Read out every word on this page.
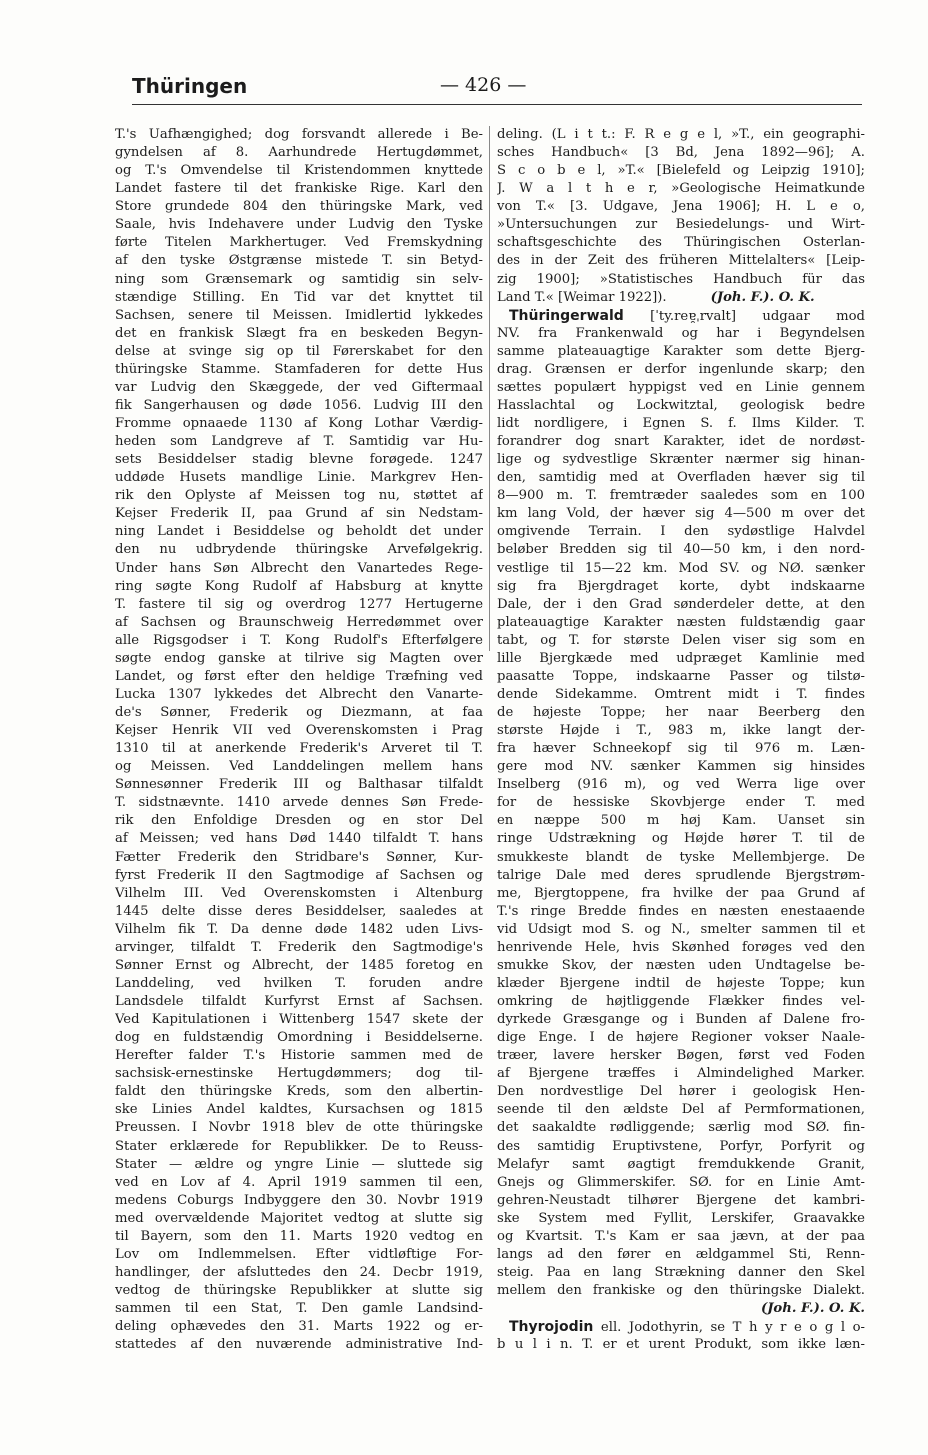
Thüringen	— 426 —
T.'s Uafhængighed; dog forsvandt allerede i Be-
gyndelsen af 8. Aarhundrede Hertugdømmet,
og T.'s Omvendelse til Kristendommen knyttede
Landet fastere til det frankiske Rige. Karl den
Store grundede 804 den thüringske Mark, ved
Saale, hvis Indehavere under Ludvig den Tyske
førte Titelen Markhertuger. Ved Fremskydning
af den tyske Østgrænse mistede T. sin Betyd-
ning som Grænsemark og samtidig sin selv-
stændige Stilling. En Tid var det knyttet til
Sachsen, senere til Meissen. Imidlertid lykkedes
det en frankisk Slægt fra en beskeden Begyn-
delse at svinge sig op til Førerskabet for den
thüringske Stamme. Stamfaderen for dette Hus
var Ludvig den Skæggede, der ved Giftermaal
fik Sangerhausen og døde 1056. Ludvig III den
Fromme opnaaede 1130 af Kong Lothar Værdig-
heden som Landgreve af T. Samtidig var Hu-
sets Besiddelser stadig blevne forøgede. 1247
uddøde Husets mandlige Linie. Markgrev Hen-
rik den Oplyste af Meissen tog nu, støttet af
Kejser Frederik II, paa Grund af sin Nedstam-
ning Landet i Besiddelse og beholdt det under
den nu udbrydende thüringske Arvefølgekrig.
Under hans Søn Albrecht den Vanartedes Rege-
ring søgte Kong Rudolf af Habsburg at knytte
T. fastere til sig og overdrog 1277 Hertugerne
af Sachsen og Braunschweig Herredømmet over
alle Rigsgodser i T. Kong Rudolf's Efterfølgere
søgte endog ganske at tilrive sig Magten over
Landet, og først efter den heldige Træfning ved
Lucka 1307 lykkedes det Albrecht den Vanarte-
de's Sønner, Frederik og Diezmann, at faa
Kejser Henrik VII ved Overenskomsten i Prag
1310 til at anerkende Frederik's Arveret til T.
og Meissen. Ved Landdelingen mellem hans
Sønnesønner Frederik III og Balthasar tilfaldt
T. sidstnævnte. 1410 arvede dennes Søn Frede-
rik den Enfoldige Dresden og en stor Del
af Meissen; ved hans Død 1440 tilfaldt T. hans
Fætter Frederik den Stridbare's Sønner, Kur-
fyrst Frederik II den Sagtmodige af Sachsen og
Vilhelm III. Ved Overenskomsten i Altenburg
1445 delte disse deres Besiddelser, saaledes at
Vilhelm fik T. Da denne døde 1482 uden Livs-
arvinger, tilfaldt T. Frederik den Sagtmodige's
Sønner Ernst og Albrecht, der 1485 foretog en
Landdeling, ved hvilken T. foruden andre
Landsdele tilfaldt Kurfyrst Ernst af Sachsen.
Ved Kapitulationen i Wittenberg 1547 skete der
dog en fuldstændig Omordning i Besiddelserne.
Herefter falder T.'s Historie sammen med de
sachsisk-ernestinske Hertugdømmers; dog til-
faldt den thüringske Kreds, som den albertin-
ske Linies Andel kaldtes, Kursachsen og 1815
Preussen. I Novbr 1918 blev de otte thüringske
Stater erklærede for Republikker. De to Reuss-
Stater — ældre og yngre Linie — sluttede sig
ved en Lov af 4. April 1919 sammen til een,
medens Coburgs Indbyggere den 30. Novbr 1919
med overvældende Majoritet vedtog at slutte sig
til Bayern, som den 11. Marts 1920 vedtog en
Lov om Indlemmelsen. Efter vidtløftige For-
handlinger, der afsluttedes den 24. Decbr 1919,
vedtog de thüringske Republikker at slutte sig
sammen til een Stat, T. Den gamle Landsind-
deling ophævedes den 31. Marts 1922 og er-
stattedes af den nuværende administrative Ind-
deling. (L i t t.: F. R e g e l, »T., ein geographi-
sches Handbuch« [3 Bd, Jena 1892—96]; A.
S c o b e l, »T.« [Bielefeld og Leipzig 1910];
J. W a l t h e r, »Geologische Heimatkunde
von T.« [3. Udgave, Jena 1906]; H. L e o,
»Untersuchungen zur Besiedelungs- und Wirt-
schaftsgeschichte des Thüringischen Osterlan-
des in der Zeit des früheren Mittelalters« [Leip-
zig 1900]; »Statistisches Handbuch für das
Land T.« [Weimar 1922]).	(Joh. F.). O. K.
Thüringerwald [ˈty.reɐ̯ˌrvalt] udgaar mod
NV. fra Frankenwald og har i Begyndelsen
samme plateauagtige Karakter som dette Bjerg-
drag. Grænsen er derfor ingenlunde skarp; den
sættes populært hyppigst ved en Linie gennem
Hasslachtal og Lockwitztal, geologisk bedre
lidt nordligere, i Egnen S. f. Ilms Kilder. T.
forandrer dog snart Karakter, idet de nordøst-
lige og sydvestlige Skrænter nærmer sig hinan-
den, samtidig med at Overfladen hæver sig til
8—900 m. T. fremtræder saaledes som en 100
km lang Vold, der hæver sig 4—500 m over det
omgivende Terrain. I den sydøstlige Halvdel
beløber Bredden sig til 40—50 km, i den nord-
vestlige til 15—22 km. Mod SV. og NØ. sænker
sig fra Bjergdraget korte, dybt indskaarne
Dale, der i den Grad sønderdeler dette, at den
plateauagtige Karakter næsten fuldstændig gaar
tabt, og T. for største Delen viser sig som en
lille Bjergkæde med udpræget Kamlinie med
paasatte Toppe, indskaarne Passer og tilstø-
dende Sidekamme. Omtrent midt i T. findes
de højeste Toppe; her naar Beerberg den
største Højde i T., 983 m, ikke langt der-
fra hæver Schneekopf sig til 976 m. Læn-
gere mod NV. sænker Kammen sig hinsides
Inselberg (916 m), og ved Werra lige over
for de hessiske Skovbjerge ender T. med
en næppe 500 m høj Kam. Uanset sin
ringe Udstrækning og Højde hører T. til de
smukkeste blandt de tyske Mellembjerge. De
talrige Dale med deres sprudlende Bjergstrøm-
me, Bjergtoppene, fra hvilke der paa Grund af
T.'s ringe Bredde findes en næsten enestaaende
vid Udsigt mod S. og N., smelter sammen til et
henrivende Hele, hvis Skønhed forøges ved den
smukke Skov, der næsten uden Undtagelse be-
klæder Bjergene indtil de højeste Toppe; kun
omkring de højtliggende Flækker findes vel-
dyrkede Græsgange og i Bunden af Dalene fro-
dige Enge. I de højere Regioner vokser Naale-
træer, lavere hersker Bøgen, først ved Foden
af Bjergene træffes i Almindelighed Marker.
Den nordvestlige Del hører i geologisk Hen-
seende til den ældste Del af Permformationen,
det saakaldte rødliggende; særlig mod SØ. fin-
des samtidig Eruptivstene, Porfyr, Porfyrit og
Melafyr samt øagtigt fremdukkende Granit,
Gnejs og Glimmerskifer. SØ. for en Linie Amt-
gehren-Neustadt tilhører Bjergene det kambri-
ske System med Fyllit, Lerskifer, Graavakke
og Kvartsit. T.'s Kam er saa jævn, at der paa
langs ad den fører en ældgammel Sti, Renn-
steig. Paa en lang Strækning danner den Skel
mellem den frankiske og den thüringske Dialekt.
(Joh. F.). O. K.
Thyrojodin ell. Jodothyrin, se T h y r e o g l o-
b u l i n. T. er et urent Produkt, som ikke læn-
